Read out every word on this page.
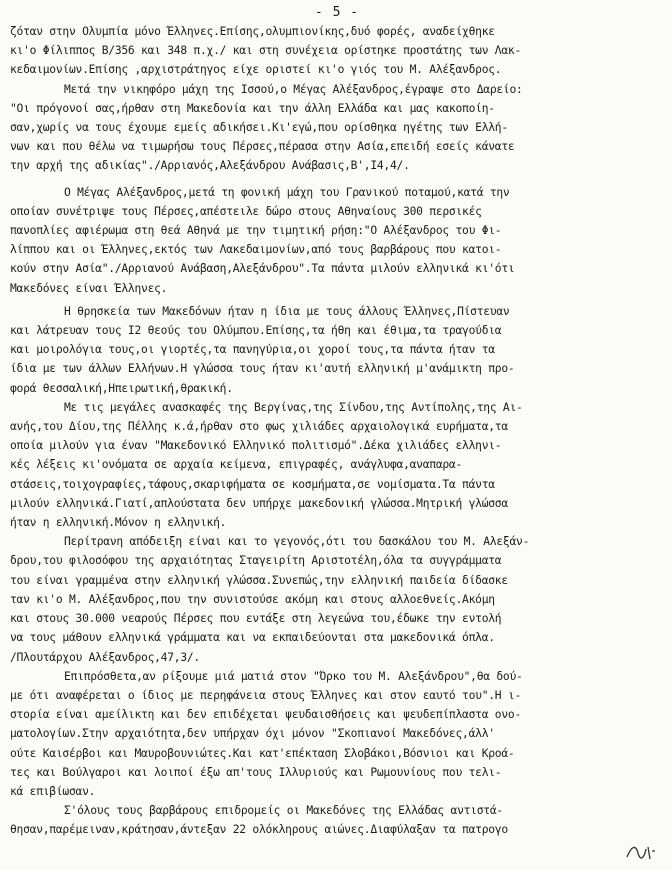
- 5 -
ζόταν στην Ολυμπία μόνο Έλληνες.Επίσης,ολυμπιονίκης,δυό φορές, αναδείχθηκε
κι'ο Φίλιππος Β/356 και 348 π.χ./ και στη συνέχεια ορίστηκε προστάτης των Λακ-
κεδαιμονίων.Επίσης ,αρχιστράτηγος είχε οριστεί κι'ο γιός του Μ. Αλέξανδρος.
Μετά την νικηφόρο μάχη της Ισσού,ο Μέγας Αλέξανδρος,έγραψε στο Δαρείο:
"Οι πρόγονοί σας,ήρθαν στη Μακεδονία και την άλλη Ελλάδα και μας κακοποίη-
σαν,χωρίς να τους έχουμε εμείς αδικήσει.Κι'εγώ,που ορίσθηκα ηγέτης των Ελλή-
νων και που θέλω να τιμωρήσω τους Πέρσες,πέρασα στην Ασία,επειδή εσείς κάνατε
την αρχή της αδικίας"./Αρριανός,Αλεξάνδρου Ανάβασις,Β',Ι4,4/.
Ο Μέγας Αλέξανδρος,μετά τη φονική μάχη του Γρανικού ποταμού,κατά την
οποίαν συνέτριψε τους Πέρσες,απέστειλε δώρο στους Αθηναίους 300 περσικές
πανοπλίες αφιέρωμα στη θεά Αθηνά με την τιμητική ρήση:"Ο Αλέξανδρος του Φι-
λίππου και οι Έλληνες,εκτός των Λακεδαιμονίων,από τους βαρβάρους που κατοι-
κούν στην Ασία"./Αρριανού Ανάβαση,Αλεξάνδρου".Τα πάντα μιλούν ελληνικά κι'ότι
Μακεδόνες είναι Έλληνες.
Η θρησκεία των Μακεδόνων ήταν η ίδια με τους άλλους Έλληνες,Πίστευαν
και λάτρευαν τους Ι2 θεούς του Ολύμπου.Επίσης,τα ήθη και έθιμα,τα τραγούδια
και μοιρολόγια τους,οι γιορτές,τα πανηγύρια,οι χοροί τους,τα πάντα ήταν τα
ίδια με των άλλων Ελλήνων.Η γλώσσα τους ήταν κι'αυτή ελληνική μ'ανάμικτη προ-
φορά θεσσαλική,Ηπειρωτική,θρακική.
Με τις μεγάλες ανασκαφές της Βεργίνας,της Σίνδου,της Αντίπολης,της Αι-
ανής,του Δίου,της Πέλλης κ.ά,ήρθαν στο φως χιλιάδες αρχαιολογικά ευρήματα,τα
οποία μιλούν για έναν "Μακεδονικό Ελληνικό πολιτισμό".Δέκα χιλιάδες ελληνι-
κές λέξεις κι'ονόματα σε αρχαία κείμενα, επιγραφές, ανάγλυφα,αναπαρα-
στάσεις,τοιχογραφίες,τάφους,σκαριφήματα σε κοσμήματα,σε νομίσματα.Τα πάντα
μιλούν ελληνικά.Γιατί,απλούστατα δεν υπήρχε μακεδονική γλώσσα.Μητρική γλώσσα
ήταν η ελληνική.Μόνον η ελληνική.
Περίτρανη απόδειξη είναι και το γεγονός,ότι του δασκάλου του Μ. Αλεξάν-
δρου,του φιλοσόφου της αρχαιότητας Σταγειρίτη Αριστοτέλη,όλα τα συγγράμματα
του είναι γραμμένα στην ελληνική γλώσσα.Συνεπώς,την ελληνική παιδεία δίδασκε
ταν κι'ο Μ. Αλέξανδρος,που την συνιστούσε ακόμη και στους αλλοεθνείς.Ακόμη
και στους 30.000 νεαρούς Πέρσες που εντάξε στη λεγεώνα του,έδωκε την εντολή
να τους μάθουν ελληνικά γράμματα και να εκπαιδεύονται στα μακεδονικά όπλα.
/Πλουτάρχου Αλέξανδρος,47,3/.
Επιπρόσθετα,αν ρίξουμε μιά ματιά στον "Όρκο του Μ. Αλεξάνδρου",θα δού-
με ότι αναφέρεται ο ίδιος με περηφάνεια στους Έλληνες και στον εαυτό του".Η ι-
στορία είναι αμείλικτη και δεν επιδέχεται ψευδαισθήσεις και ψευδεπίπλαστα ονο-
ματολογίων.Στην αρχαιότητα,δεν υπήρχαν όχι μόνον "Σκοπιανοί Μακεδόνες,άλλ'
ούτε Καισέρβοι και Μαυροβουνιώτες.Και κατ'επέκταση Σλοβάκοι,Βόσνιοι και Κροά-
τες και Βούλγαροι και λοιποί έξω απ'τους Ιλλυριούς και Ρωμουνίους που τελι-
κά επιβίωσαν.
Σ'όλους τους βαρβάρους επιδρομείς οι Μακεδόνες της Ελλάδας αντιστά-
θησαν,παρέμειναν,κράτησαν,άντεξαν 22 ολόκληρους αιώνες.Διαφύλαξαν τα πατρογο
